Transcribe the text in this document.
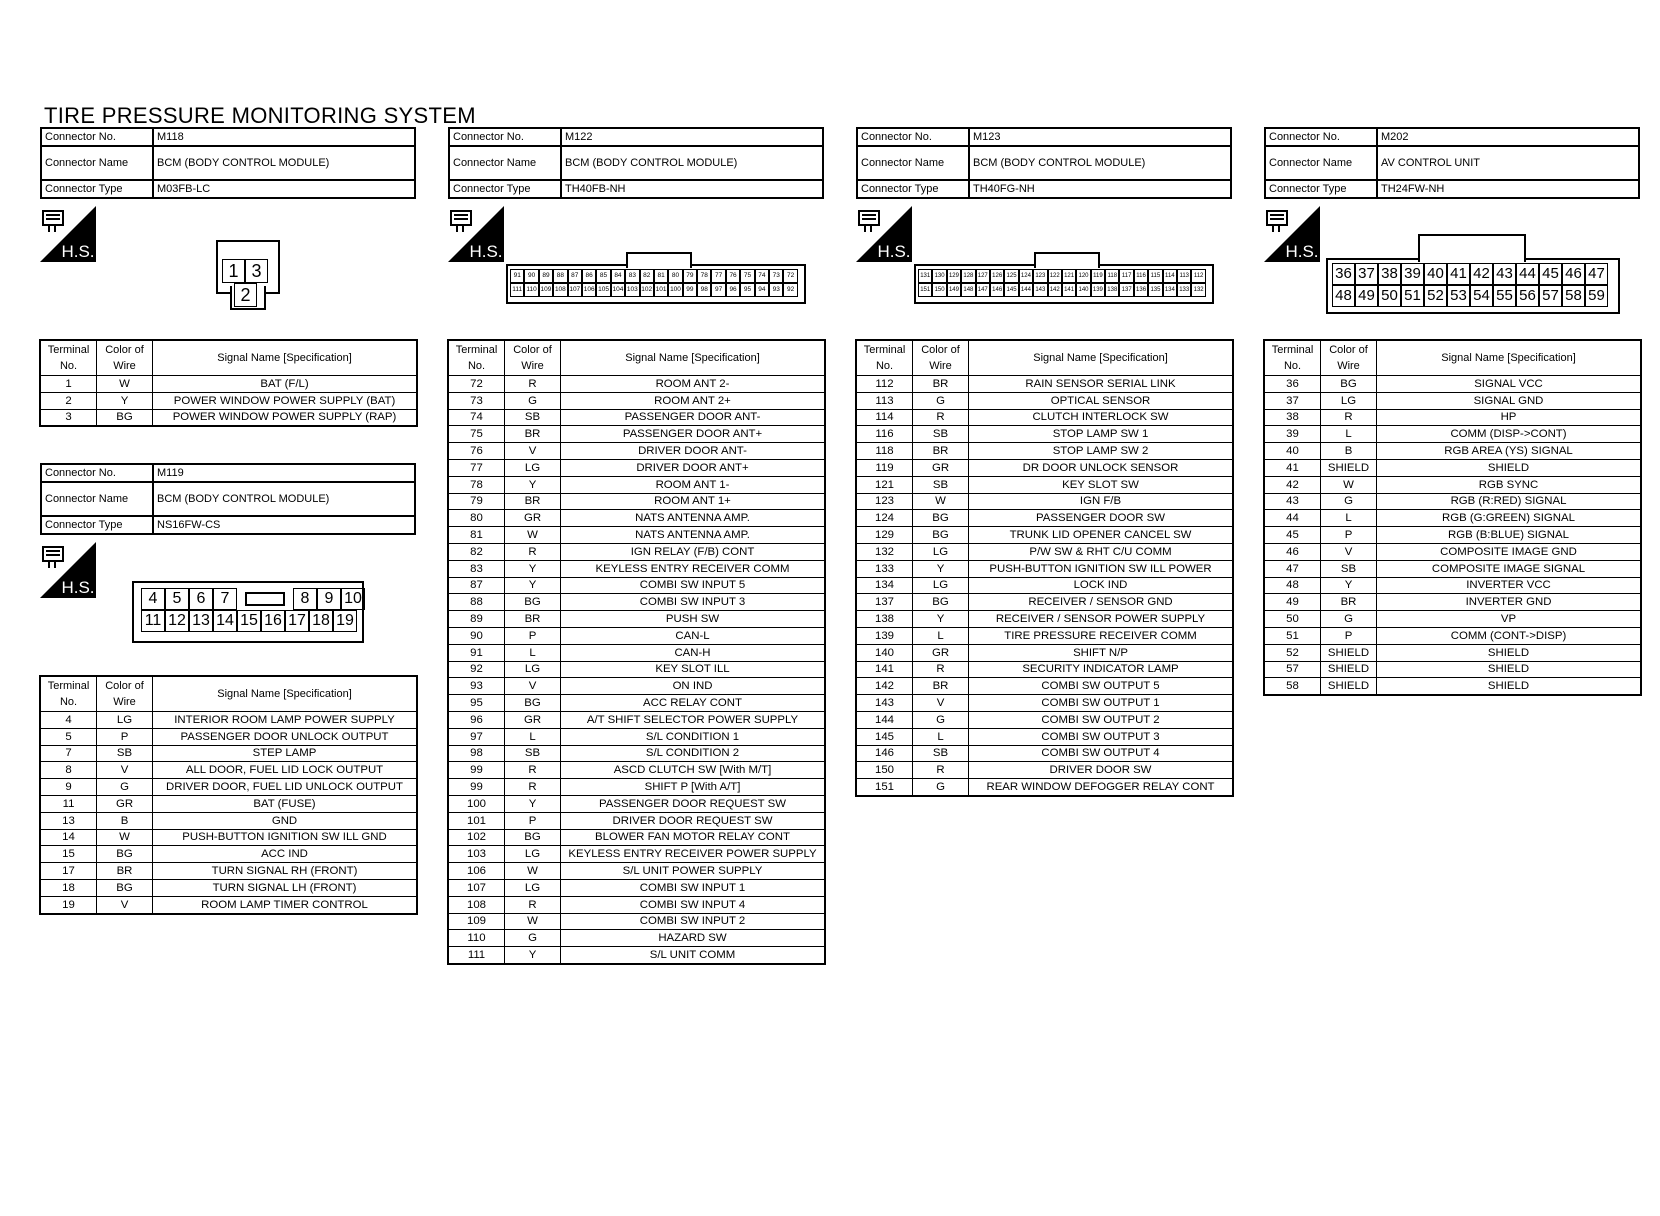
TIRE PRESSURE MONITORING SYSTEM
Connector No.	M118
Connector Name	BCM (BODY CONTROL MODULE)
Connector Type	M03FB-LC
Connector No.	M122
Connector Name	BCM (BODY CONTROL MODULE)
Connector Type	TH40FB-NH
Connector No.	M123
Connector Name	BCM (BODY CONTROL MODULE)
Connector Type	TH40FG-NH
Connector No.	M202
Connector Name	AV CONTROL UNIT
Connector Type	TH24FW-NH
Connector No.	M119
Connector Name	BCM (BODY CONTROL MODULE)
Connector Type	NS16FW-CS
H.S.	H.S.	H.S.	H.S.
H.S.
1 3
2
91	90	89	88	87	86	85	84	83	82	81	80	79	78	77	76	75	74	73	72
111 110 109 108 107 106 105 104 103 102 101 100 99	98	97	96	95	94	93	92
131 130 129 128 127 126 125 124 123 122 121 120 119 118 117 116 115 114 113 112
151 150 149 148 147 146 145 144 143 142 141 140 139 138 137 136 135 134 133 132
36 37 38 39 40 41 42 43 44 45 46 47
48 49 50 51 52 53 54 55 56 57 58 59
4 5 6 7	8 9 10
11 12 13 14 15 16 17 18 19
Terminal No.	Color of Wire	Signal Name [Specification]
1	W	BAT (F/L)
2	Y	POWER WINDOW POWER SUPPLY (BAT)
3	BG	POWER WINDOW POWER SUPPLY (RAP)
Terminal No.	Color of Wire	Signal Name [Specification]
4	LG	INTERIOR ROOM LAMP POWER SUPPLY
5	P	PASSENGER DOOR UNLOCK OUTPUT
7	SB	STEP LAMP
8	V	ALL DOOR, FUEL LID LOCK OUTPUT
9	G	DRIVER DOOR, FUEL LID UNLOCK OUTPUT
11	GR	BAT (FUSE)
13	B	GND
14	W	PUSH-BUTTON IGNITION SW ILL GND
15	BG	ACC IND
17	BR	TURN SIGNAL RH (FRONT)
18	BG	TURN SIGNAL LH (FRONT)
19	V	ROOM LAMP TIMER CONTROL
Terminal No.	Color of Wire	Signal Name [Specification]
72	R	ROOM ANT 2-
73	G	ROOM ANT 2+
74	SB	PASSENGER DOOR ANT-
75	BR	PASSENGER DOOR ANT+
76	V	DRIVER DOOR ANT-
77	LG	DRIVER DOOR ANT+
78	Y	ROOM ANT 1-
79	BR	ROOM ANT 1+
80	GR	NATS ANTENNA AMP.
81	W	NATS ANTENNA AMP.
82	R	IGN RELAY (F/B) CONT
83	Y	KEYLESS ENTRY RECEIVER COMM
87	Y	COMBI SW INPUT 5
88	BG	COMBI SW INPUT 3
89	BR	PUSH SW
90	P	CAN-L
91	L	CAN-H
92	LG	KEY SLOT ILL
93	V	ON IND
95	BG	ACC RELAY CONT
96	GR	A/T SHIFT SELECTOR POWER SUPPLY
97	L	S/L CONDITION 1
98	SB	S/L CONDITION 2
99	R	ASCD CLUTCH SW [With M/T]
99	R	SHIFT P [With A/T]
100	Y	PASSENGER DOOR REQUEST SW
101	P	DRIVER DOOR REQUEST SW
102	BG	BLOWER FAN MOTOR RELAY CONT
103	LG	KEYLESS ENTRY RECEIVER POWER SUPPLY
106	W	S/L UNIT POWER SUPPLY
107	LG	COMBI SW INPUT 1
108	R	COMBI SW INPUT 4
109	W	COMBI SW INPUT 2
110	G	HAZARD SW
111	Y	S/L UNIT COMM
Terminal No.	Color of Wire	Signal Name [Specification]
112	BR	RAIN SENSOR SERIAL LINK
113	G	OPTICAL SENSOR
114	R	CLUTCH INTERLOCK SW
116	SB	STOP LAMP SW 1
118	BR	STOP LAMP SW 2
119	GR	DR DOOR UNLOCK SENSOR
121	SB	KEY SLOT SW
123	W	IGN F/B
124	BG	PASSENGER DOOR SW
129	BG	TRUNK LID OPENER CANCEL SW
132	LG	P/W SW & RHT C/U COMM
133	Y	PUSH-BUTTON IGNITION SW ILL POWER
134	LG	LOCK IND
137	BG	RECEIVER / SENSOR GND
138	Y	RECEIVER / SENSOR POWER SUPPLY
139	L	TIRE PRESSURE RECEIVER COMM
140	GR	SHIFT N/P
141	R	SECURITY INDICATOR LAMP
142	BR	COMBI SW OUTPUT 5
143	V	COMBI SW OUTPUT 1
144	G	COMBI SW OUTPUT 2
145	L	COMBI SW OUTPUT 3
146	SB	COMBI SW OUTPUT 4
150	R	DRIVER DOOR SW
151	G	REAR WINDOW DEFOGGER RELAY CONT
Terminal No.	Color of Wire	Signal Name [Specification]
36	BG	SIGNAL VCC
37	LG	SIGNAL GND
38	R	HP
39	L	COMM (DISP->CONT)
40	B	RGB AREA (YS) SIGNAL
41	SHIELD	SHIELD
42	W	RGB SYNC
43	G	RGB (R:RED) SIGNAL
44	L	RGB (G:GREEN) SIGNAL
45	P	RGB (B:BLUE) SIGNAL
46	V	COMPOSITE IMAGE GND
47	SB	COMPOSITE IMAGE SIGNAL
48	Y	INVERTER VCC
49	BR	INVERTER GND
50	G	VP
51	P	COMM (CONT->DISP)
52	SHIELD	SHIELD
57	SHIELD	SHIELD
58	SHIELD	SHIELD
